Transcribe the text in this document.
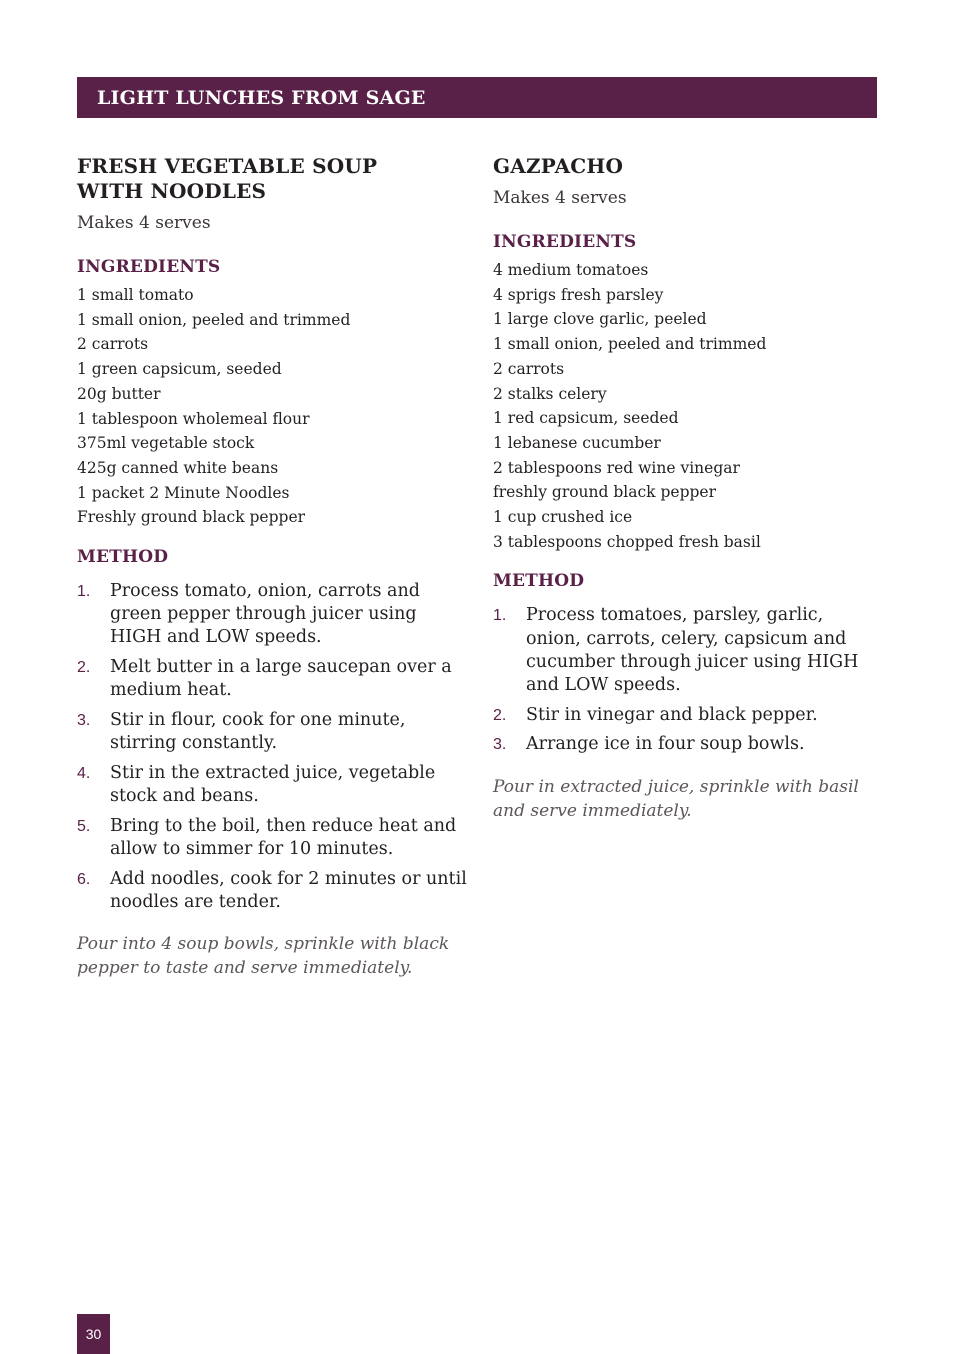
LIGHT LUNCHES FROM SAGE
FRESH VEGETABLE SOUP
WITH NOODLES
Makes 4 serves
INGREDIENTS
1 small tomato
1 small onion, peeled and trimmed
2 carrots
1 green capsicum, seeded
20g butter
1 tablespoon wholemeal flour
375ml vegetable stock
425g canned white beans
1 packet 2 Minute Noodles
Freshly ground black pepper
METHOD
1. Process tomato, onion, carrots and green pepper through juicer using HIGH and LOW speeds.
2. Melt butter in a large saucepan over a medium heat.
3. Stir in flour, cook for one minute, stirring constantly.
4. Stir in the extracted juice, vegetable stock and beans.
5. Bring to the boil, then reduce heat and allow to simmer for 10 minutes.
6. Add noodles, cook for 2 minutes or until noodles are tender.
Pour into 4 soup bowls, sprinkle with black pepper to taste and serve immediately.
GAZPACHO
Makes 4 serves
INGREDIENTS
4 medium tomatoes
4 sprigs fresh parsley
1 large clove garlic, peeled
1 small onion, peeled and trimmed
2 carrots
2 stalks celery
1 red capsicum, seeded
1 lebanese cucumber
2 tablespoons red wine vinegar
freshly ground black pepper
1 cup crushed ice
3 tablespoons chopped fresh basil
METHOD
1. Process tomatoes, parsley, garlic, onion, carrots, celery, capsicum and cucumber through juicer using HIGH and LOW speeds.
2. Stir in vinegar and black pepper.
3. Arrange ice in four soup bowls.
Pour in extracted juice, sprinkle with basil and serve immediately.
30
